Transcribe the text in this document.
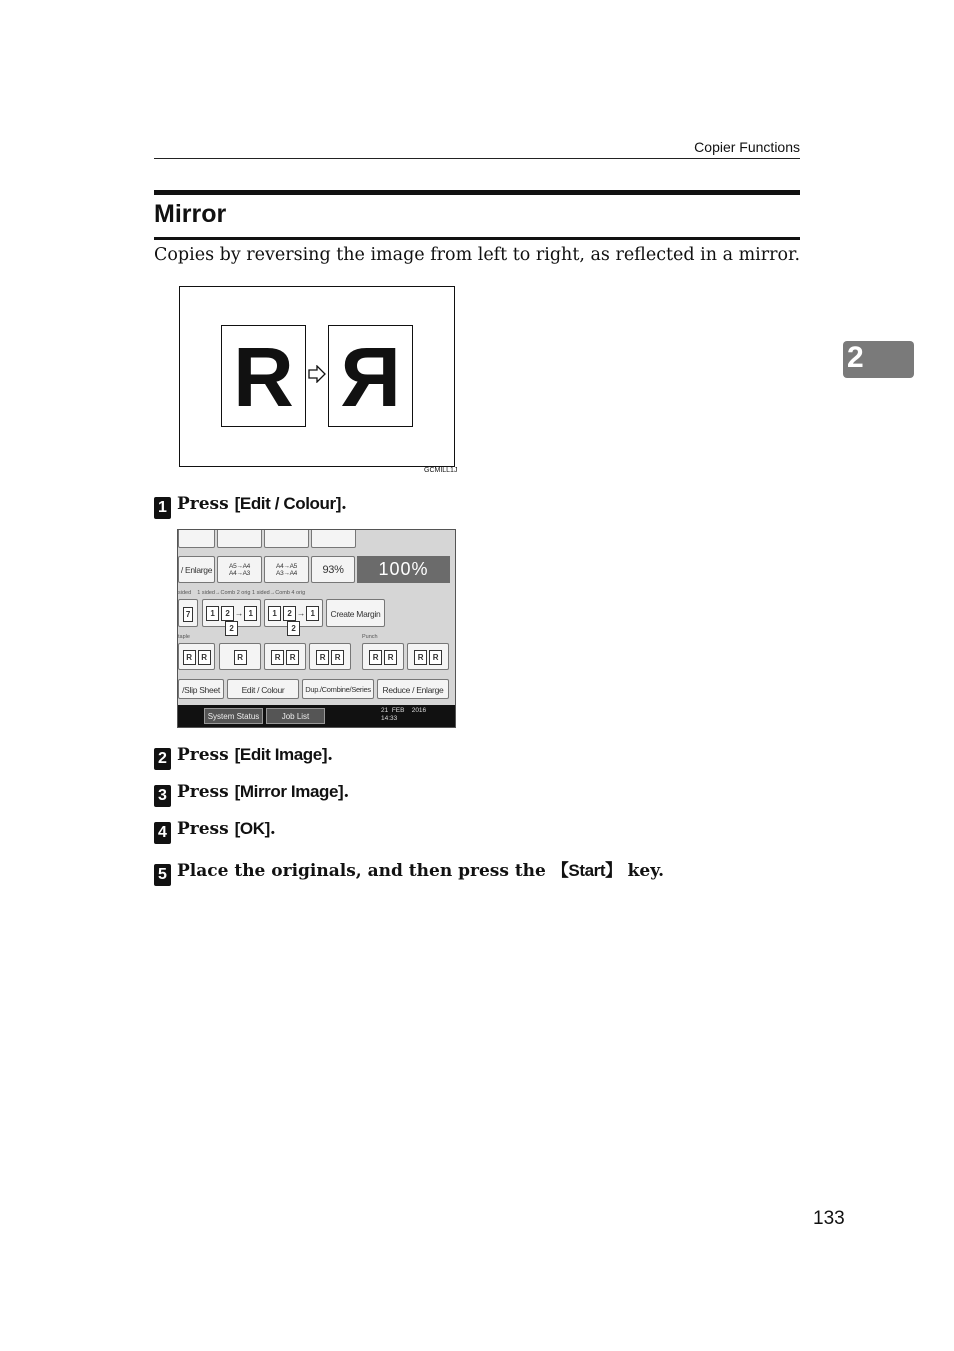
Copier Functions
2
Mirror
Copies by reversing the image from left to right, as reflected in a mirror.
R R
GCMILL1J
1 Press [Edit / Colour].
/ Enlarge	A5→A4
A4→A3
A4→A5
A3→A4	93%	100%
sided    1 sided→Comb 2 orig 1 sided→Comb 4 orig
7	1 2 → 12
1 2 → 12
Create Margin
taple	Punch
R R	R	R R	R R	R R	R R
/Slip Sheet	Edit / Colour	Dup./Combine/Series	Reduce / Enlarge
System Status	Job List
21  FEB    2016
14:33
2 Press [Edit Image].
3 Press [Mirror Image].
4 Press [OK].
5 Place the originals, and then press the 【Start】 key.
133
